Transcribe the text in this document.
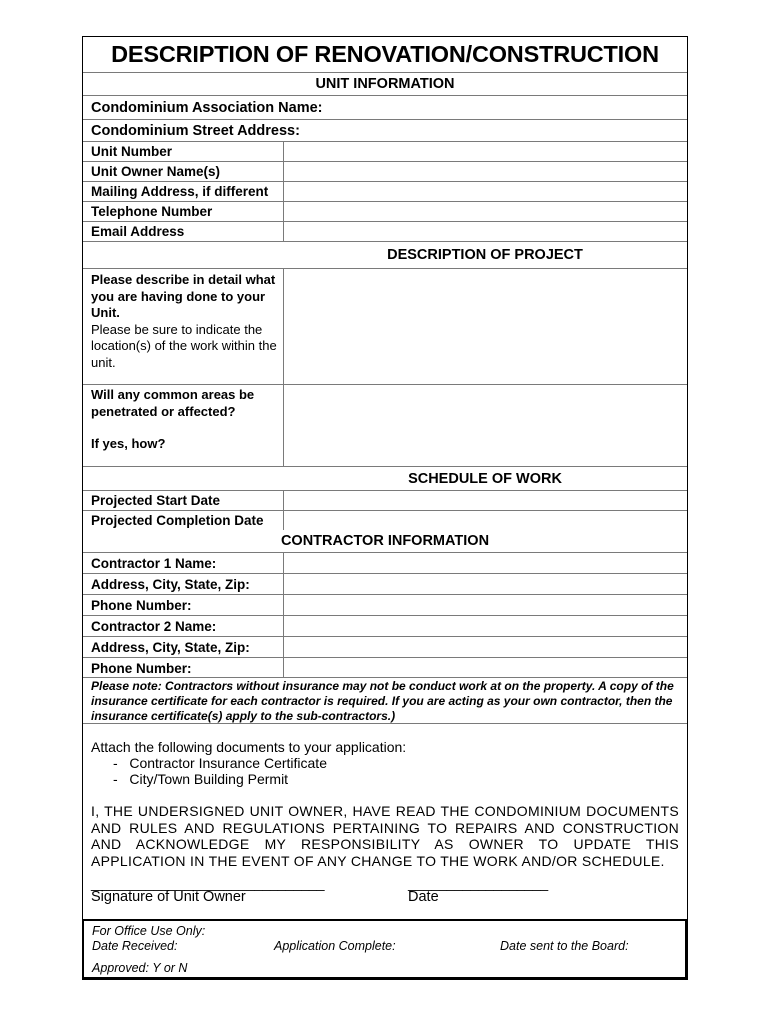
DESCRIPTION OF RENOVATION/CONSTRUCTION
UNIT INFORMATION
Condominium Association Name:
Condominium Street Address:
Unit Number
Unit Owner Name(s)
Mailing Address, if different
Telephone Number
Email Address
DESCRIPTION OF PROJECT
Please describe in detail what you are having done to your Unit.
Please be sure to indicate the location(s) of the work within the unit.
Will any common areas be penetrated or affected?
If yes, how?
SCHEDULE OF WORK
Projected Start Date
Projected Completion Date
CONTRACTOR INFORMATION
Contractor 1 Name:
Address, City, State, Zip:
Phone Number:
Contractor 2 Name:
Address, City, State, Zip:
Phone Number:
Please note: Contractors without insurance may not be conduct work at on the property. A copy of the insurance certificate for each contractor is required. If you are acting as your own contractor, then the insurance certificate(s) apply to the sub-contractors.)
Attach the following documents to your application:
-   Contractor Insurance Certificate
-   City/Town Building Permit
I, THE UNDERSIGNED UNIT OWNER, HAVE READ THE CONDOMINIUM DOCUMENTS AND RULES AND REGULATIONS PERTAINING TO REPAIRS AND CONSTRUCTION AND ACKNOWLEDGE MY RESPONSIBILITY AS OWNER TO UPDATE THIS APPLICATION IN THE EVENT OF ANY CHANGE TO THE WORK AND/OR SCHEDULE.
______________________________	__________________
Signature of Unit Owner	Date
For Office Use Only:
Date Received:	Application Complete:	Date sent to the Board:
Approved: Y or N
